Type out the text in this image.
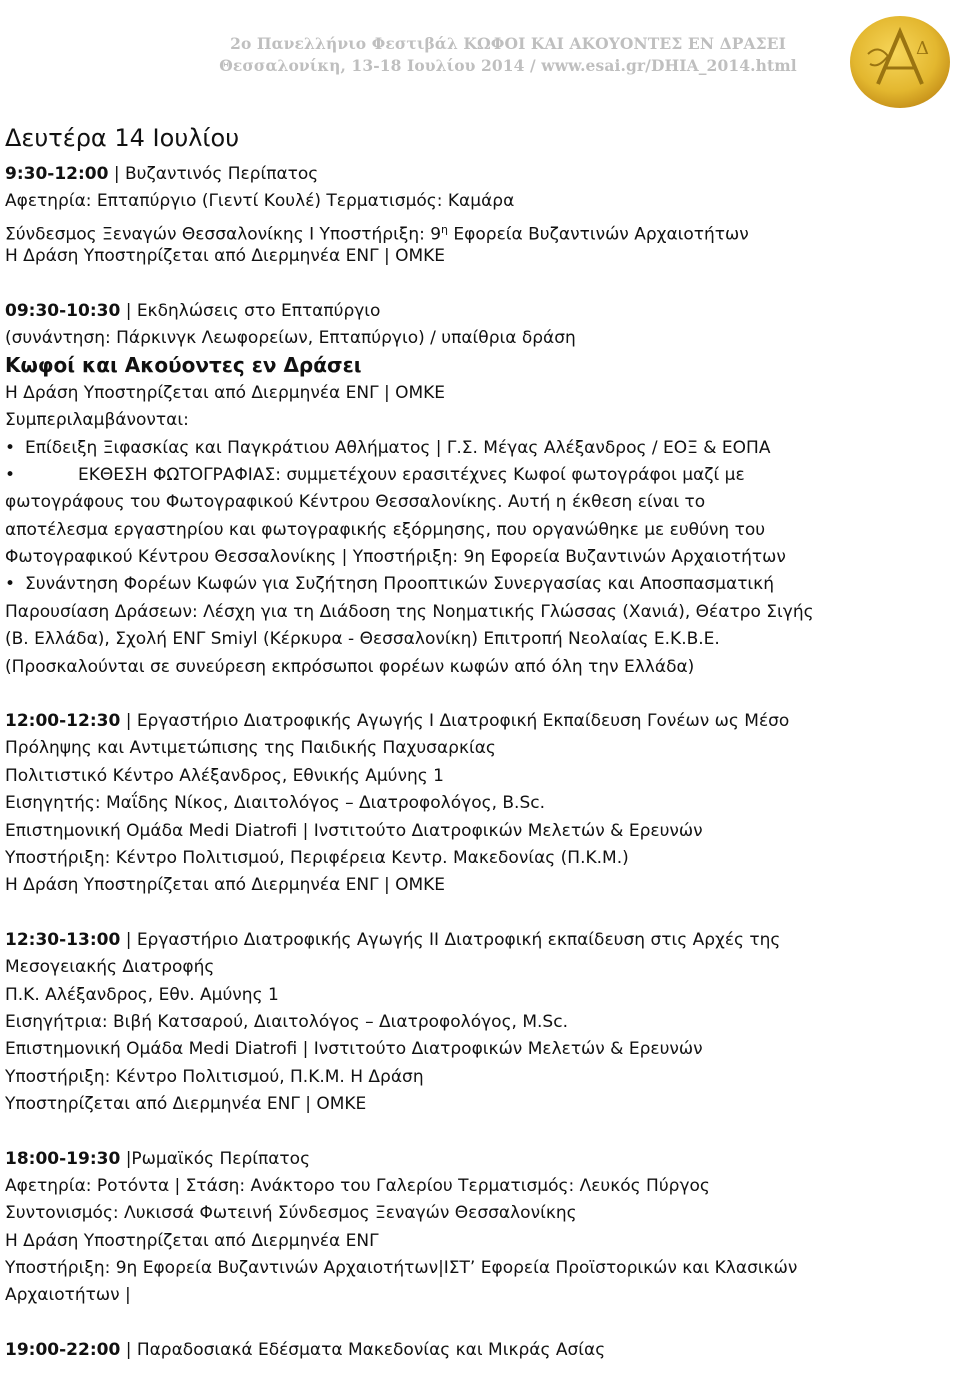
2ο Πανελλήνιο Φεστιβάλ ΚΩΦΟΙ ΚΑΙ ΑΚΟΥΟΝΤΕΣ ΕΝ ΔΡΑΣΕΙ
Θεσσαλονίκη, 13-18 Ιουλίου 2014 / www.esai.gr/DHIA_2014.html
Δ
Δευτέρα 14 Ιουλίου
9:30-12:00 | Βυζαντινός Περίπατος
Αφετηρία: Επταπύργιο (Γιεντί Κουλέ) Τερματισμός: Καμάρα
Σύνδεσμος Ξεναγών Θεσσαλονίκης Ι Υποστήριξη: $9^\eta$ Εφορεία Βυζαντινών Αρχαιοτήτων
Η Δράση Υποστηρίζεται από Διερμηνέα ΕΝΓ | ΟΜΚΕ
09:30-10:30 | Εκδηλώσεις στο Επταπύργιο
(συνάντηση: Πάρκινγκ Λεωφορείων, Επταπύργιο) / υπαίθρια δράση
Κωφοί και Ακούοντες εν Δράσει
Η Δράση Υποστηρίζεται από Διερμηνέα ΕΝΓ | ΟΜΚΕ
Συμπεριλαμβάνονται:
• Επίδειξη Ξιφασκίας και Παγκράτιου Αθλήματος | Γ.Σ. Μέγας Αλέξανδρος / ΕΟΞ & ΕΟΠΑ
•	ΕΚΘΕΣΗ ΦΩΤΟΓΡΑΦΙΑΣ: συμμετέχουν ερασιτέχνες Κωφοί φωτογράφοι μαζί με
φωτογράφους του Φωτογραφικού Κέντρου Θεσσαλονίκης. Αυτή η έκθεση είναι το
αποτέλεσμα εργαστηρίου και φωτογραφικής εξόρμησης, που οργανώθηκε με ευθύνη του
Φωτογραφικού Κέντρου Θεσσαλονίκης | Υποστήριξη: 9η Εφορεία Βυζαντινών Αρχαιοτήτων
• Συνάντηση Φορέων Κωφών για Συζήτηση Προοπτικών Συνεργασίας και Αποσπασματική
Παρουσίαση Δράσεων: Λέσχη για τη Διάδοση της Νοηματικής Γλώσσας (Χανιά), Θέατρο Σιγής
(Β. Ελλάδα), Σχολή ΕΝΓ Smiyl (Κέρκυρα - Θεσσαλονίκη) Επιτροπή Νεολαίας Ε.Κ.Β.Ε.
(Προσκαλούνται σε συνεύρεση εκπρόσωποι φορέων κωφών από όλη την Ελλάδα)
12:00-12:30 | Εργαστήριο Διατροφικής Αγωγής Ι Διατροφική Εκπαίδευση Γονέων ως Μέσο
Πρόληψης και Αντιμετώπισης της Παιδικής Παχυσαρκίας
Πολιτιστικό Κέντρο Αλέξανδρος, Εθνικής Αμύνης 1
Εισηγητής: Μαΐδης Νίκος, Διαιτολόγος – Διατροφολόγος, B.Sc.
Επιστημονική Ομάδα Medi Diatrofi | Ινστιτούτο Διατροφικών Μελετών & Ερευνών
Υποστήριξη: Κέντρο Πολιτισμού, Περιφέρεια Κεντρ. Μακεδονίας (Π.Κ.Μ.)
Η Δράση Υποστηρίζεται από Διερμηνέα ΕΝΓ | ΟΜΚΕ
12:30-13:00 | Εργαστήριο Διατροφικής Αγωγής ΙΙ Διατροφική εκπαίδευση στις Αρχές της
Μεσογειακής Διατροφής
Π.Κ. Αλέξανδρος, Εθν. Αμύνης 1
Εισηγήτρια: Βιβή Κατσαρού, Διαιτολόγος – Διατροφολόγος, M.Sc.
Επιστημονική Ομάδα Medi Diatrofi | Ινστιτούτο Διατροφικών Μελετών & Ερευνών
Υποστήριξη: Κέντρο Πολιτισμού, Π.Κ.Μ. Η Δράση
Υποστηρίζεται από Διερμηνέα ΕΝΓ | ΟΜΚΕ
18:00-19:30 |Ρωμαϊκός Περίπατος
Αφετηρία: Ροτόντα | Στάση: Ανάκτορο του Γαλερίου Τερματισμός: Λευκός Πύργος
Συντονισμός: Λυκισσά Φωτεινή Σύνδεσμος Ξεναγών Θεσσαλονίκης
Η Δράση Υποστηρίζεται από Διερμηνέα ΕΝΓ
Υποστήριξη: 9η Εφορεία Βυζαντινών Αρχαιοτήτων|ΙΣΤ’ Εφορεία Προϊστορικών και Κλασικών
Αρχαιοτήτων |
19:00-22:00 | Παραδοσιακά Εδέσματα Μακεδονίας και Μικράς Ασίας
